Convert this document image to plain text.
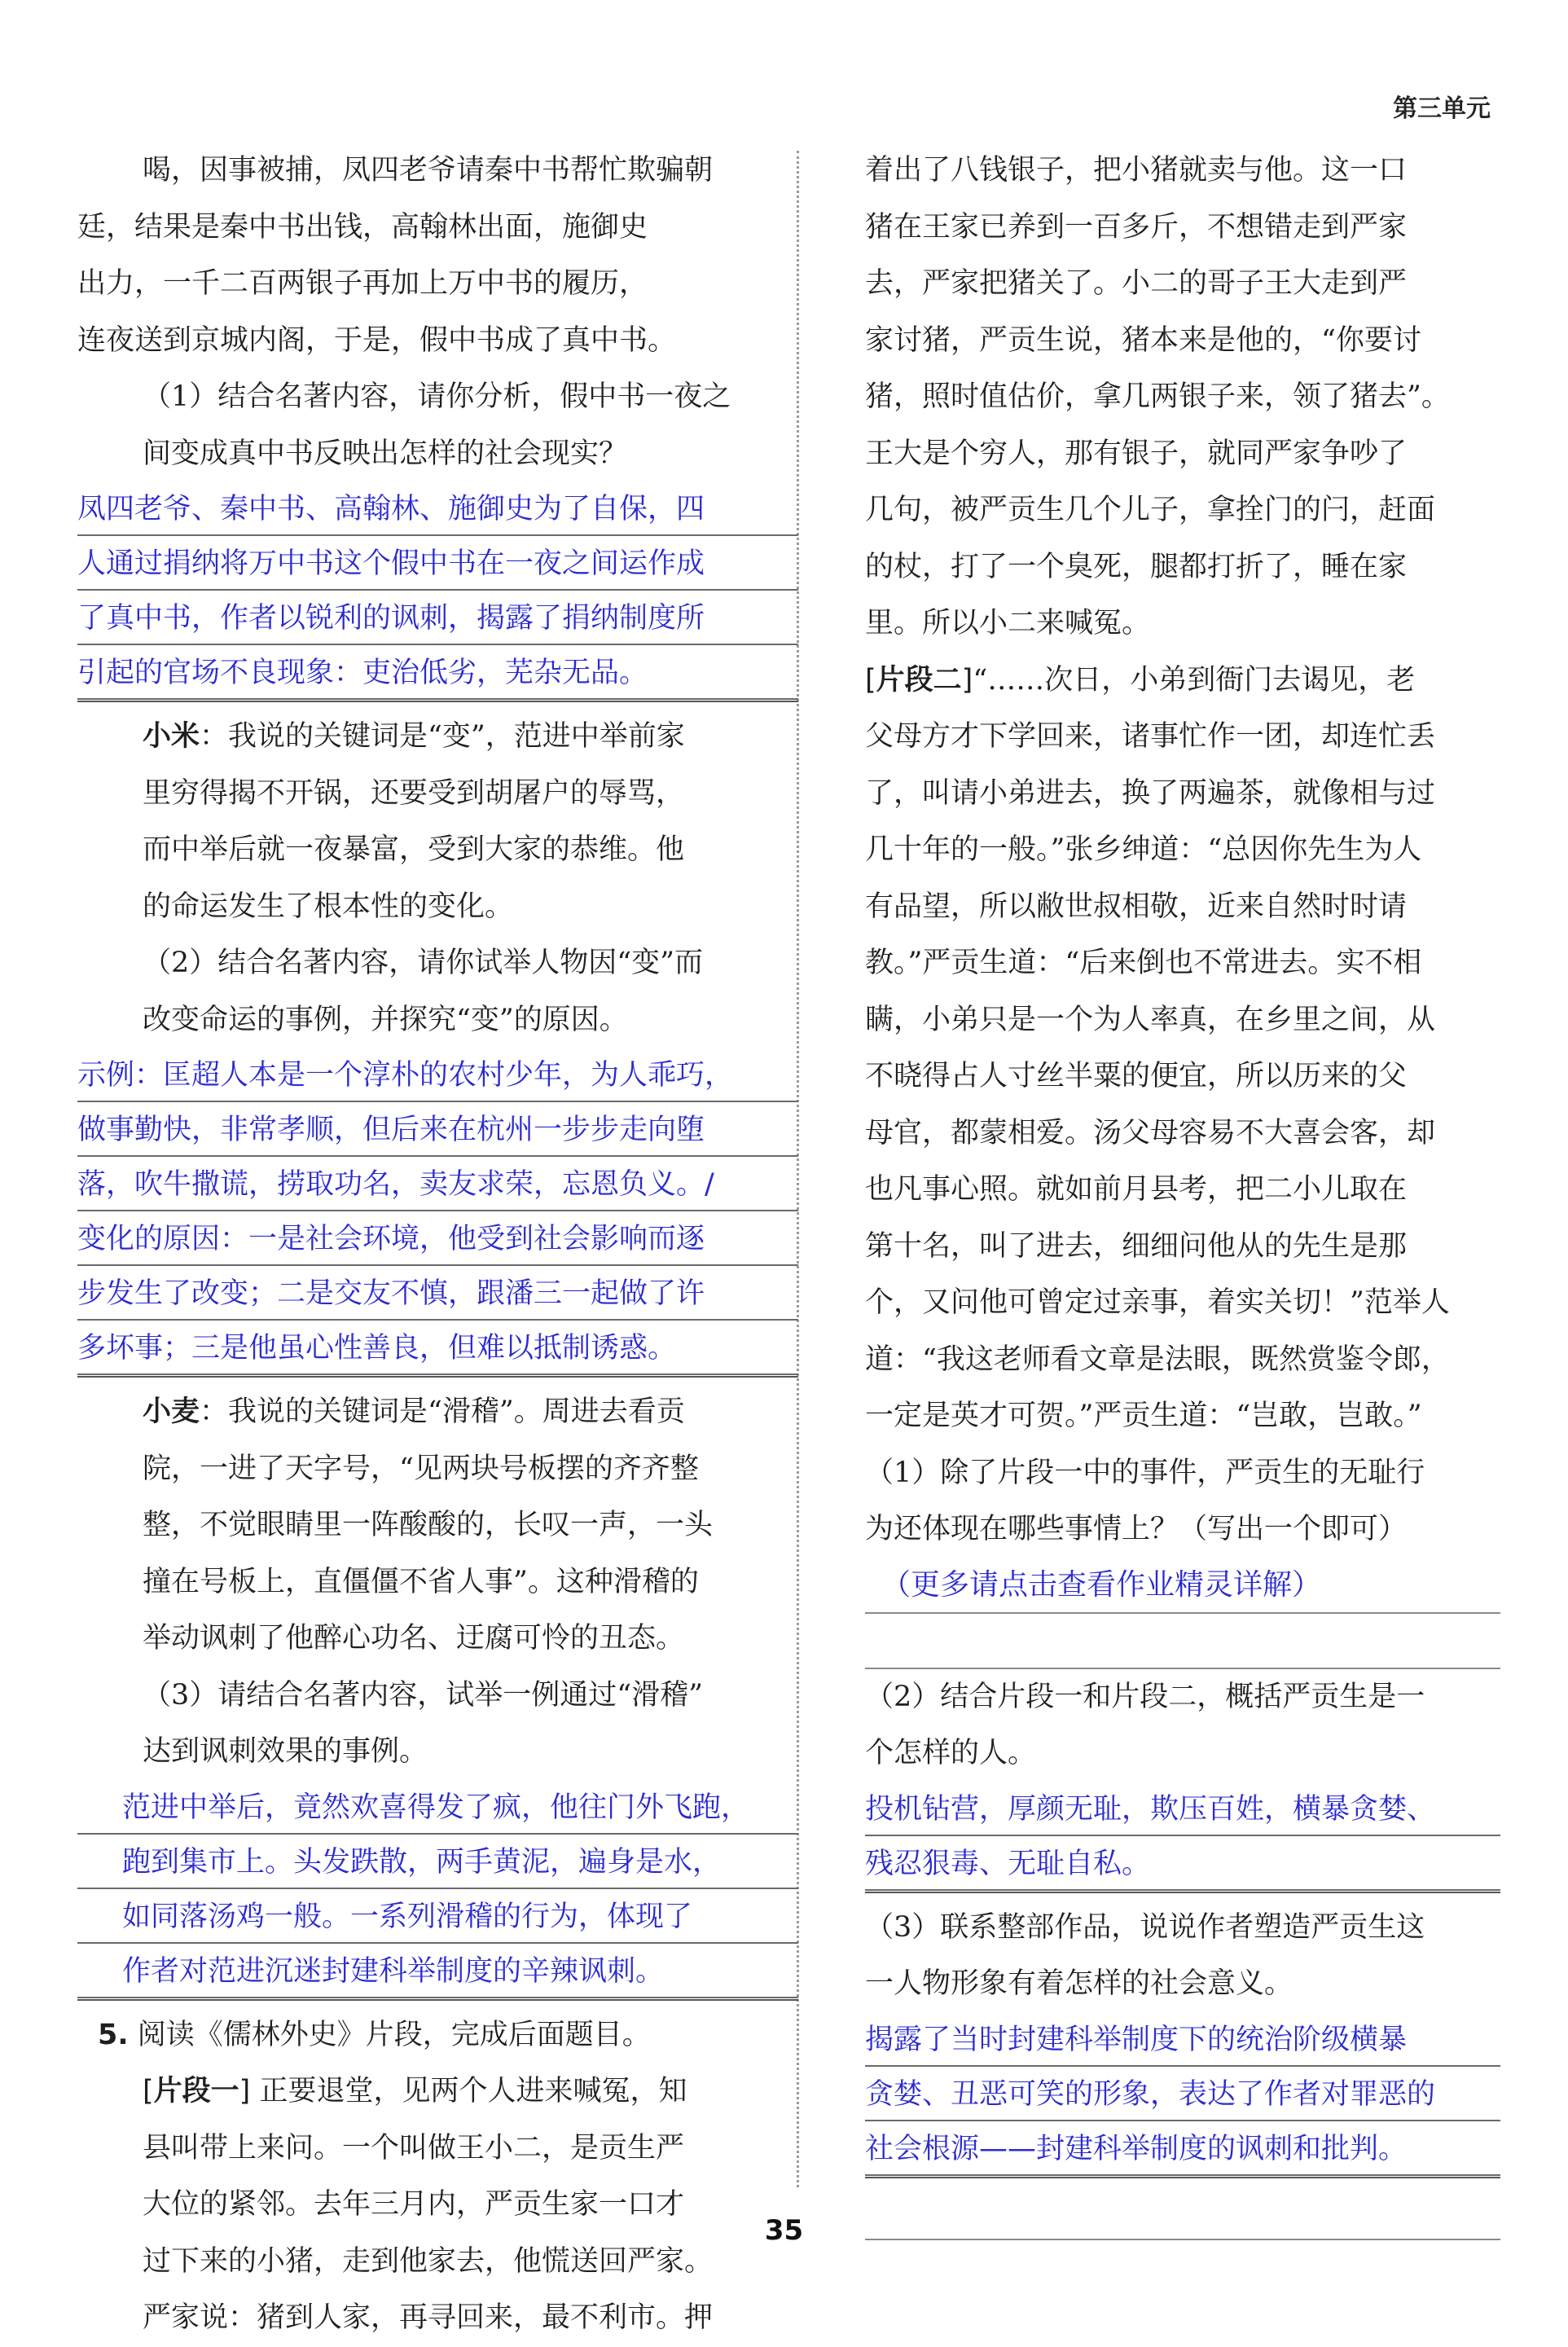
第三单元

喝，因事被捕，凤四老爷请秦中书帮忙欺骗朝

廷，结果是秦中书出钱，高翰林出面，施御史

出力，一千二百两银子再加上万中书的履历，

连夜送到京城内阁，于是，假中书成了真中书。

（1）结合名著内容，请你分析，假中书一夜之

间变成真中书反映出怎样的社会现实？

凤四老爷、秦中书、高翰林、施御史为了自保，四
人通过捐纳将万中书这个假中书在一夜之间运作成
了真中书，作者以锐利的讽刺，揭露了捐纳制度所
引起的官场不良现象：吏治低劣，芜杂无品。

小米：我说的关键词是“变”，范进中举前家

里穷得揭不开锅，还要受到胡屠户的辱骂，

而中举后就一夜暴富，受到大家的恭维。他

的命运发生了根本性的变化。

（2）结合名著内容，请你试举人物因“变”而

改变命运的事例，并探究“变”的原因。

示例：匡超人本是一个淳朴的农村少年，为人乖巧，
做事勤快，非常孝顺，但后来在杭州一步步走向堕
落，吹牛撒谎，捞取功名，卖友求荣，忘恩负义。/
变化的原因：一是社会环境，他受到社会影响而逐
步发生了改变；二是交友不慎，跟潘三一起做了许
多坏事；三是他虽心性善良，但难以抵制诱惑。

小麦：我说的关键词是“滑稽”。周进去看贡

院，一进了天字号，“见两块号板摆的齐齐整

整，不觉眼睛里一阵酸酸的，长叹一声，一头

撞在号板上，直僵僵不省人事”。这种滑稽的

举动讽刺了他醉心功名、迂腐可怜的丑态。

（3）请结合名著内容，试举一例通过“滑稽”

达到讽刺效果的事例。

范进中举后，竟然欢喜得发了疯，他往门外飞跑，
跑到集市上。头发跌散，两手黄泥，遍身是水，
如同落汤鸡一般。一系列滑稽的行为，体现了
作者对范进沉迷封建科举制度的辛辣讽刺。

5. 阅读《儒林外史》片段，完成后面题目。

[片段一] 正要退堂，见两个人进来喊冤，知

县叫带上来问。一个叫做王小二，是贡生严

大位的紧邻。去年三月内，严贡生家一口才

过下来的小猪，走到他家去，他慌送回严家。

严家说：猪到人家，再寻回来，最不利市。押

着出了八钱银子，把小猪就卖与他。这一口

猪在王家已养到一百多斤，不想错走到严家

去，严家把猪关了。小二的哥子王大走到严

家讨猪，严贡生说，猪本来是他的，“你要讨

猪，照时值估价，拿几两银子来，领了猪去”。

王大是个穷人，那有银子，就同严家争吵了

几句，被严贡生几个儿子，拿拴门的闩，赶面

的杖，打了一个臭死，腿都打折了，睡在家

里。所以小二来喊冤。

[片段二]“……次日，小弟到衙门去谒见，老

父母方才下学回来，诸事忙作一团，却连忙丢

了，叫请小弟进去，换了两遍茶，就像相与过

几十年的一般。”张乡绅道：“总因你先生为人

有品望，所以敝世叔相敬，近来自然时时请

教。”严贡生道：“后来倒也不常进去。实不相

瞒，小弟只是一个为人率真，在乡里之间，从

不晓得占人寸丝半粟的便宜，所以历来的父

母官，都蒙相爱。汤父母容易不大喜会客，却

也凡事心照。就如前月县考，把二小儿取在

第十名，叫了进去，细细问他从的先生是那

个，又问他可曾定过亲事，着实关切！”范举人

道：“我这老师看文章是法眼，既然赏鉴令郎，

一定是英才可贺。”严贡生道：“岂敢，岂敢。”

（1）除了片段一中的事件，严贡生的无耻行

为还体现在哪些事情上？（写出一个即可）

（更多请点击查看作业精灵详解）

（2）结合片段一和片段二，概括严贡生是一

个怎样的人。

投机钻营，厚颜无耻，欺压百姓，横暴贪婪、
残忍狠毒、无耻自私。

（3）联系整部作品，说说作者塑造严贡生这

一人物形象有着怎样的社会意义。

揭露了当时封建科举制度下的统治阶级横暴
贪婪、丑恶可笑的形象，表达了作者对罪恶的
社会根源——封建科举制度的讽刺和批判。
35
